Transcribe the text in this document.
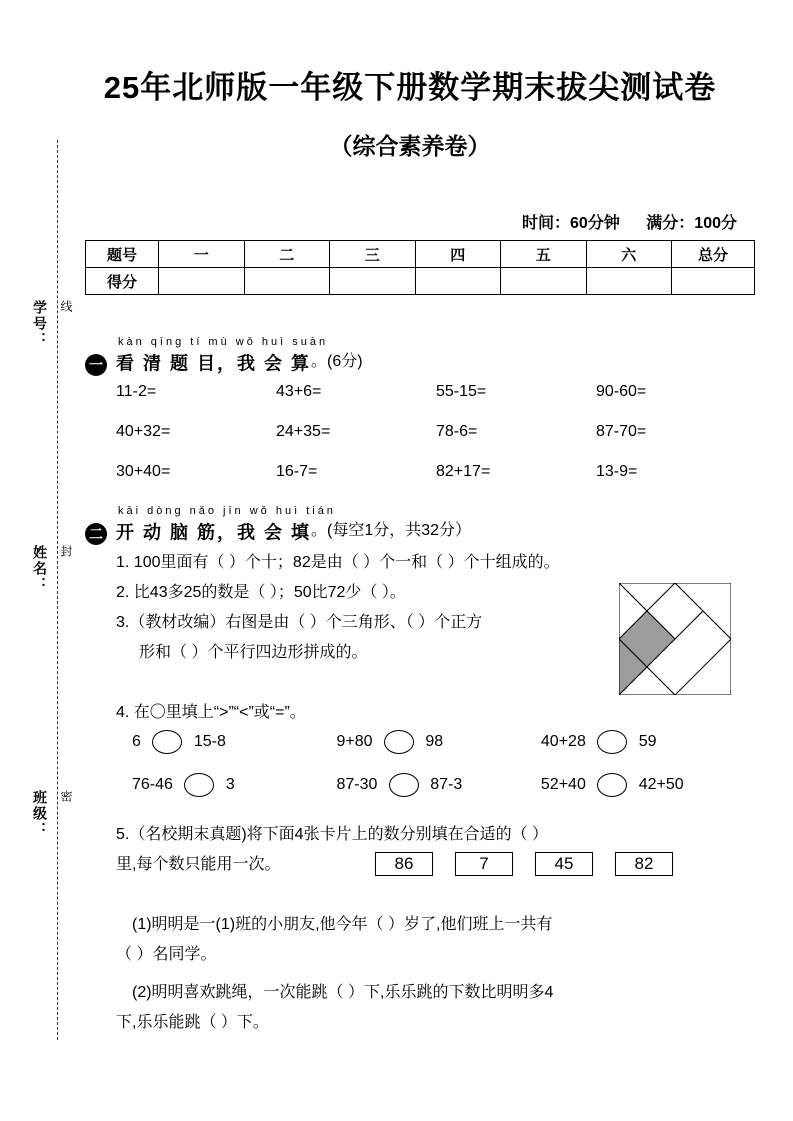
学号： 线
姓名： 封
班级： 密
25年北师版一年级下册数学期末拔尖测试卷
（综合素养卷）
时间：60分钟 满分：100分
题号	一	二	三	四	五	六	总分
得分							
一
kàn qīng tí mù wǒ huì suàn
看 清 题 目，我 会 算。(6分)
11-2=	43+6=	55-15=	90-60=
40+32=	24+35=	78-6=	87-70=
30+40=	16-7=	82+17=	13-9=
二
kāi dòng nǎo jīn wǒ huì tián
开 动 脑 筋，我 会 填。(每空1分，共32分）
1. 100里面有（ ）个十；82是由（ ）个一和（ ）个十组成的。
2. 比43多25的数是（ ）；50比72少（ ）。
3.（教材改编）右图是由（ ）个三角形、（ ）个正方
形和（ ）个平行四边形拼成的。
4. 在〇里填上“>”“<”或“=”。
6	15-8	9+80	98	40+28	59
76-46	3	87-30	87-3	52+40	42+50
5.（名校期末真题)将下面4张卡片上的数分别填在合适的（ ）
里,每个数只能用一次。	86	7	45	82
(1)明明是一(1)班的小朋友,他今年（ ）岁了,他们班上一共有
（ ）名同学。
(2)明明喜欢跳绳，一次能跳（ ）下,乐乐跳的下数比明明多4
下,乐乐能跳（ ）下。
